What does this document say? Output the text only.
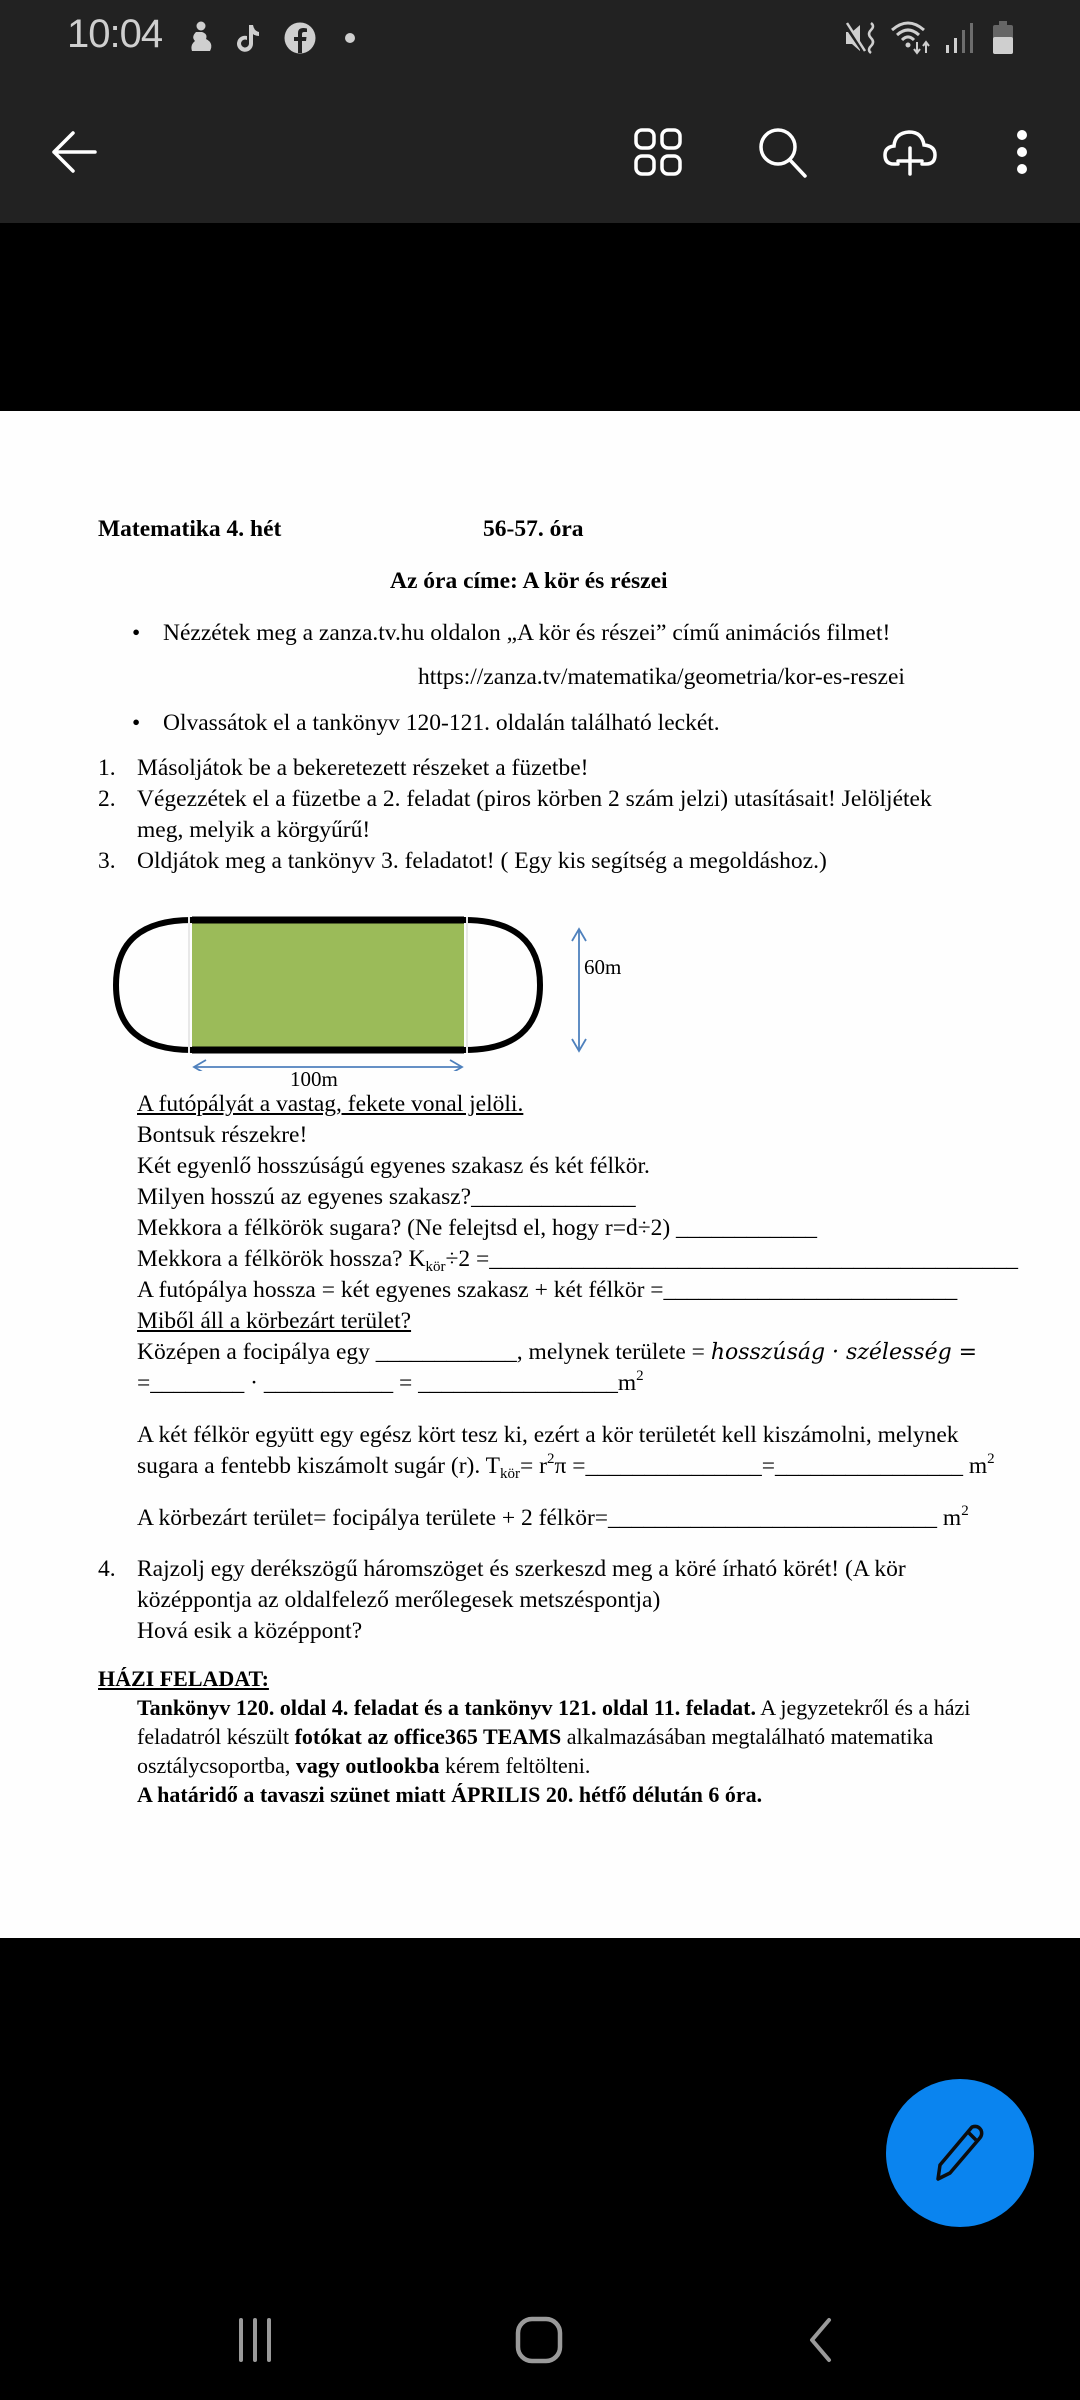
10:04
Matematika 4. hét	56-57. óra
Az óra címe: A kör és részei
• Nézzétek meg a zanza.tv.hu oldalon „A kör és részei” című animációs filmet!
https://zanza.tv/matematika/geometria/kor-es-reszei
• Olvassátok el a tankönyv 120-121. oldalán található leckét.
1. Másoljátok be a bekeretezett részeket a füzetbe!
2. Végezzétek el a füzetbe a 2. feladat (piros körben 2 szám jelzi) utasításait! Jelöljétek
meg, melyik a körgyűrű!
3. Oldjátok meg a tankönyv 3. feladatot! ( Egy kis segítség a megoldáshoz.)
60m
100m
A futópályát a vastag, fekete vonal jelöli.
Bontsuk részekre!
Két egyenlő hosszúságú egyenes szakasz és két félkör.
Milyen hosszú az egyenes szakasz?______________
Mekkora a félkörök sugara? (Ne felejtsd el, hogy r=d÷2) ____________
Mekkora a félkörök hossza? $K_{kör}\div 2$ =_____________________________________________
A futópálya hossza = két egyenes szakasz + két félkör =_________________________
Miből áll a körbezárt terület?
Középen a focipálya egy ____________, melynek területe = hosszúság · szélesség =
=________ · ___________ = $\_\_\_\_\_\_\_\_\_\_\_\_\_\_\_\_\_m^2$
A két félkör együtt egy egész kört tesz ki, ezért a kör területét kell kiszámolni, melynek
sugara a fentebb kiszámolt sugár (r). $T_{kör}= r^2\pi$ =_______________=________________ $m^2$
A körbezárt terület= focipálya területe + 2 félkör=____________________________ $m^2$
4. Rajzolj egy derékszögű háromszöget és szerkeszd meg a köré írható körét! (A kör
középpontja az oldalfelező merőlegesek metszéspontja)
Hová esik a középpont?
HÁZI FELADAT:
Tankönyv 120. oldal 4. feladat és a tankönyv 121. oldal 11. feladat. A jegyzetekről és a házi
feladatról készült fotókat az office365 TEAMS alkalmazásában megtalálható matematika
osztálycsoportba, vagy outlookba kérem feltölteni.
A határidő a tavaszi szünet miatt ÁPRILIS 20. hétfő délután 6 óra.
